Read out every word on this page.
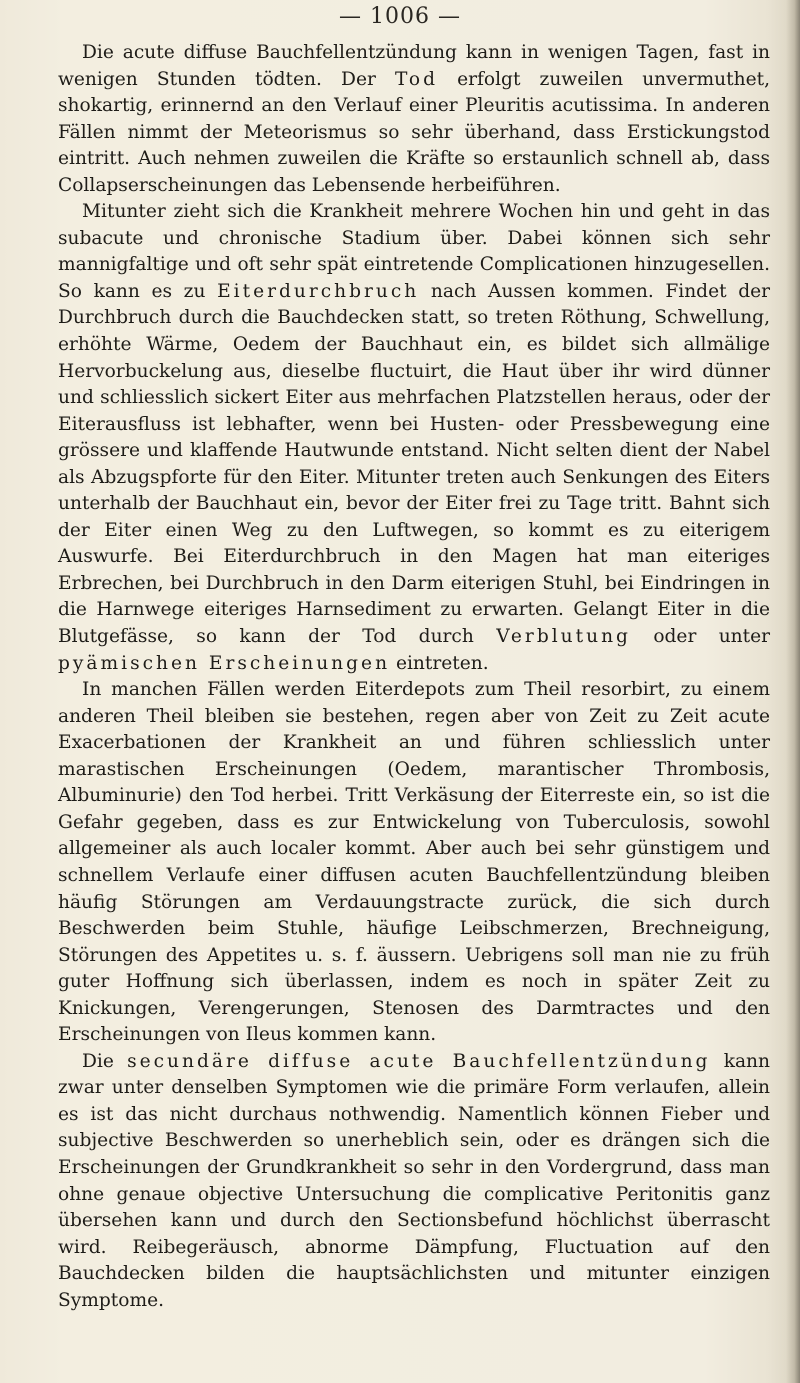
— 1006 —

Die acute diffuse Bauchfellentzündung kann in wenigen Tagen, fast in wenigen Stunden tödten. Der Tod erfolgt zuweilen unvermuthet, shokartig, erinnernd an den Verlauf einer Pleuritis acutissima. In anderen Fällen nimmt der Meteorismus so sehr überhand, dass Erstickungstod eintritt. Auch nehmen zuweilen die Kräfte so erstaunlich schnell ab, dass Collapserscheinungen das Lebensende herbeiführen.

Mitunter zieht sich die Krankheit mehrere Wochen hin und geht in das subacute und chronische Stadium über. Dabei können sich sehr mannigfaltige und oft sehr spät eintretende Complicationen hinzugesellen. So kann es zu Eiterdurchbruch nach Aussen kommen. Findet der Durchbruch durch die Bauchdecken statt, so treten Röthung, Schwellung, erhöhte Wärme, Oedem der Bauchhaut ein, es bildet sich allmälige Hervorbuckelung aus, dieselbe fluctuirt, die Haut über ihr wird dünner und schliesslich sickert Eiter aus mehrfachen Platzstellen heraus, oder der Eiterausfluss ist lebhafter, wenn bei Husten- oder Pressbewegung eine grössere und klaffende Hautwunde entstand. Nicht selten dient der Nabel als Abzugspforte für den Eiter. Mitunter treten auch Senkungen des Eiters unterhalb der Bauchhaut ein, bevor der Eiter frei zu Tage tritt. Bahnt sich der Eiter einen Weg zu den Luftwegen, so kommt es zu eiterigem Auswurfe. Bei Eiterdurchbruch in den Magen hat man eiteriges Erbrechen, bei Durchbruch in den Darm eiterigen Stuhl, bei Eindringen in die Harnwege eiteriges Harnsediment zu erwarten. Gelangt Eiter in die Blutgefässe, so kann der Tod durch Verblutung oder unter pyämischen Erscheinungen eintreten.

In manchen Fällen werden Eiterdepots zum Theil resorbirt, zu einem anderen Theil bleiben sie bestehen, regen aber von Zeit zu Zeit acute Exacerbationen der Krankheit an und führen schliesslich unter marastischen Erscheinungen (Oedem, marantischer Thrombosis, Albuminurie) den Tod herbei. Tritt Verkäsung der Eiterreste ein, so ist die Gefahr gegeben, dass es zur Entwickelung von Tuberculosis, sowohl allgemeiner als auch localer kommt. Aber auch bei sehr günstigem und schnellem Verlaufe einer diffusen acuten Bauchfellentzündung bleiben häufig Störungen am Verdauungstracte zurück, die sich durch Beschwerden beim Stuhle, häufige Leibschmerzen, Brechneigung, Störungen des Appetites u. s. f. äussern. Uebrigens soll man nie zu früh guter Hoffnung sich überlassen, indem es noch in später Zeit zu Knickungen, Verengerungen, Stenosen des Darmtractes und den Erscheinungen von Ileus kommen kann.

Die secundäre diffuse acute Bauchfellentzündung kann zwar unter denselben Symptomen wie die primäre Form verlaufen, allein es ist das nicht durchaus nothwendig. Namentlich können Fieber und subjective Beschwerden so unerheblich sein, oder es drängen sich die Erscheinungen der Grundkrankheit so sehr in den Vordergrund, dass man ohne genaue objective Untersuchung die complicative Peritonitis ganz übersehen kann und durch den Sectionsbefund höchlichst überrascht wird. Reibegeräusch, abnorme Dämpfung, Fluctuation auf den Bauchdecken bilden die hauptsächlichsten und mitunter einzigen Symptome.
